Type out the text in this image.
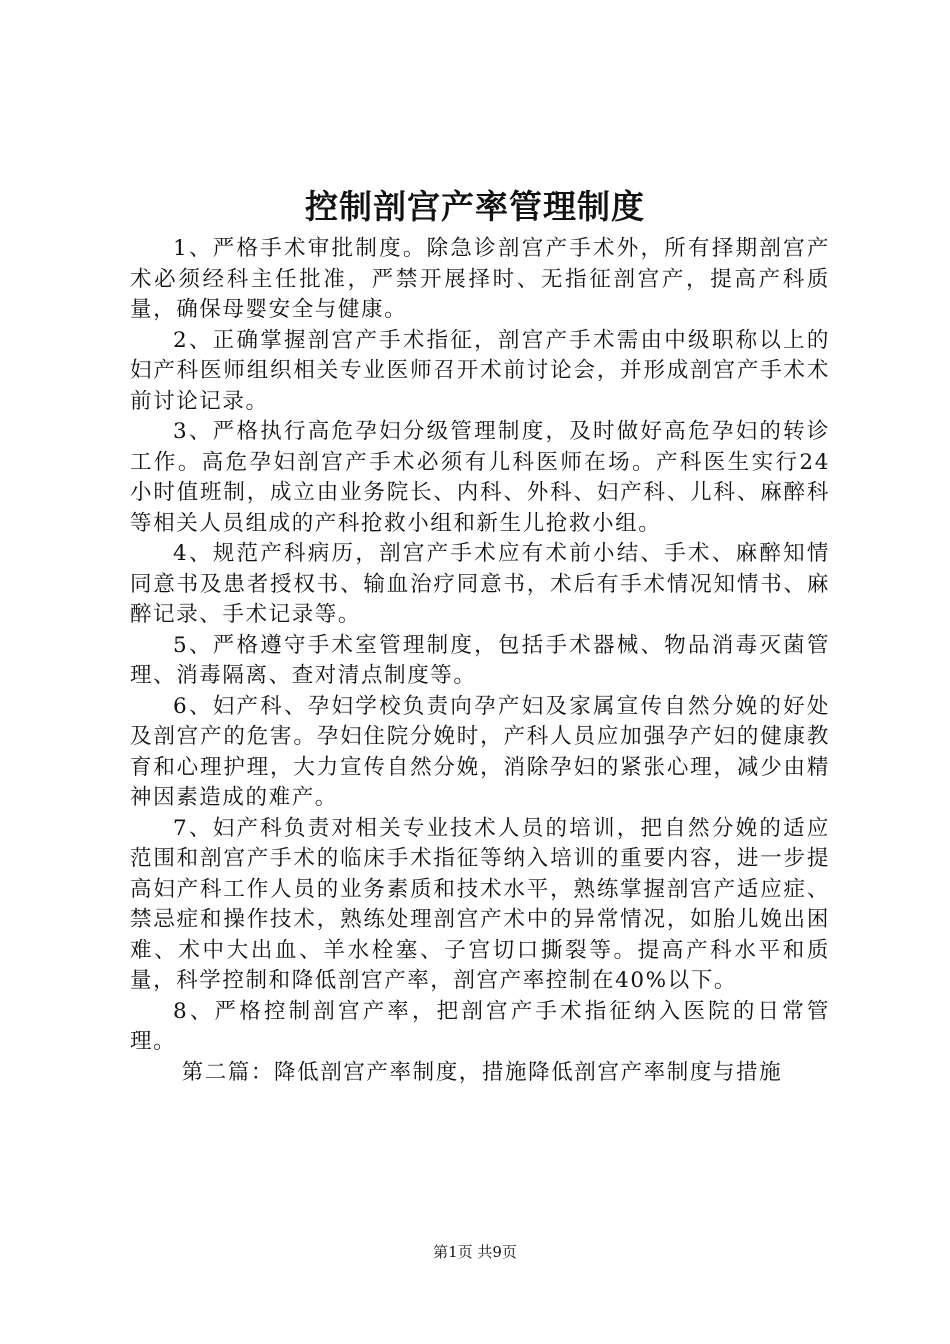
控制剖宫产率管理制度

1、严格手术审批制度。除急诊剖宫产手术外，所有择期剖宫产术必须经科主任批准，严禁开展择时、无指征剖宫产，提高产科质量，确保母婴安全与健康。

2、正确掌握剖宫产手术指征，剖宫产手术需由中级职称以上的妇产科医师组织相关专业医师召开术前讨论会，并形成剖宫产手术术前讨论记录。

3、严格执行高危孕妇分级管理制度，及时做好高危孕妇的转诊工作。高危孕妇剖宫产手术必须有儿科医师在场。产科医生实行24小时值班制，成立由业务院长、内科、外科、妇产科、儿科、麻醉科等相关人员组成的产科抢救小组和新生儿抢救小组。

4、规范产科病历，剖宫产手术应有术前小结、手术、麻醉知情同意书及患者授权书、输血治疗同意书，术后有手术情况知情书、麻醉记录、手术记录等。

5、严格遵守手术室管理制度，包括手术器械、物品消毒灭菌管理、消毒隔离、查对清点制度等。

6、妇产科、孕妇学校负责向孕产妇及家属宣传自然分娩的好处及剖宫产的危害。孕妇住院分娩时，产科人员应加强孕产妇的健康教育和心理护理，大力宣传自然分娩，消除孕妇的紧张心理，减少由精神因素造成的难产。

7、妇产科负责对相关专业技术人员的培训，把自然分娩的适应范围和剖宫产手术的临床手术指征等纳入培训的重要内容，进一步提高妇产科工作人员的业务素质和技术水平，熟练掌握剖宫产适应症、禁忌症和操作技术，熟练处理剖宫产术中的异常情况，如胎儿娩出困难、术中大出血、羊水栓塞、子宫切口撕裂等。提高产科水平和质量，科学控制和降低剖宫产率，剖宫产率控制在40%以下。

8、严格控制剖宫产率，把剖宫产手术指征纳入医院的日常管理。

第二篇：降低剖宫产率制度，措施降低剖宫产率制度与措施

第1页 共9页
